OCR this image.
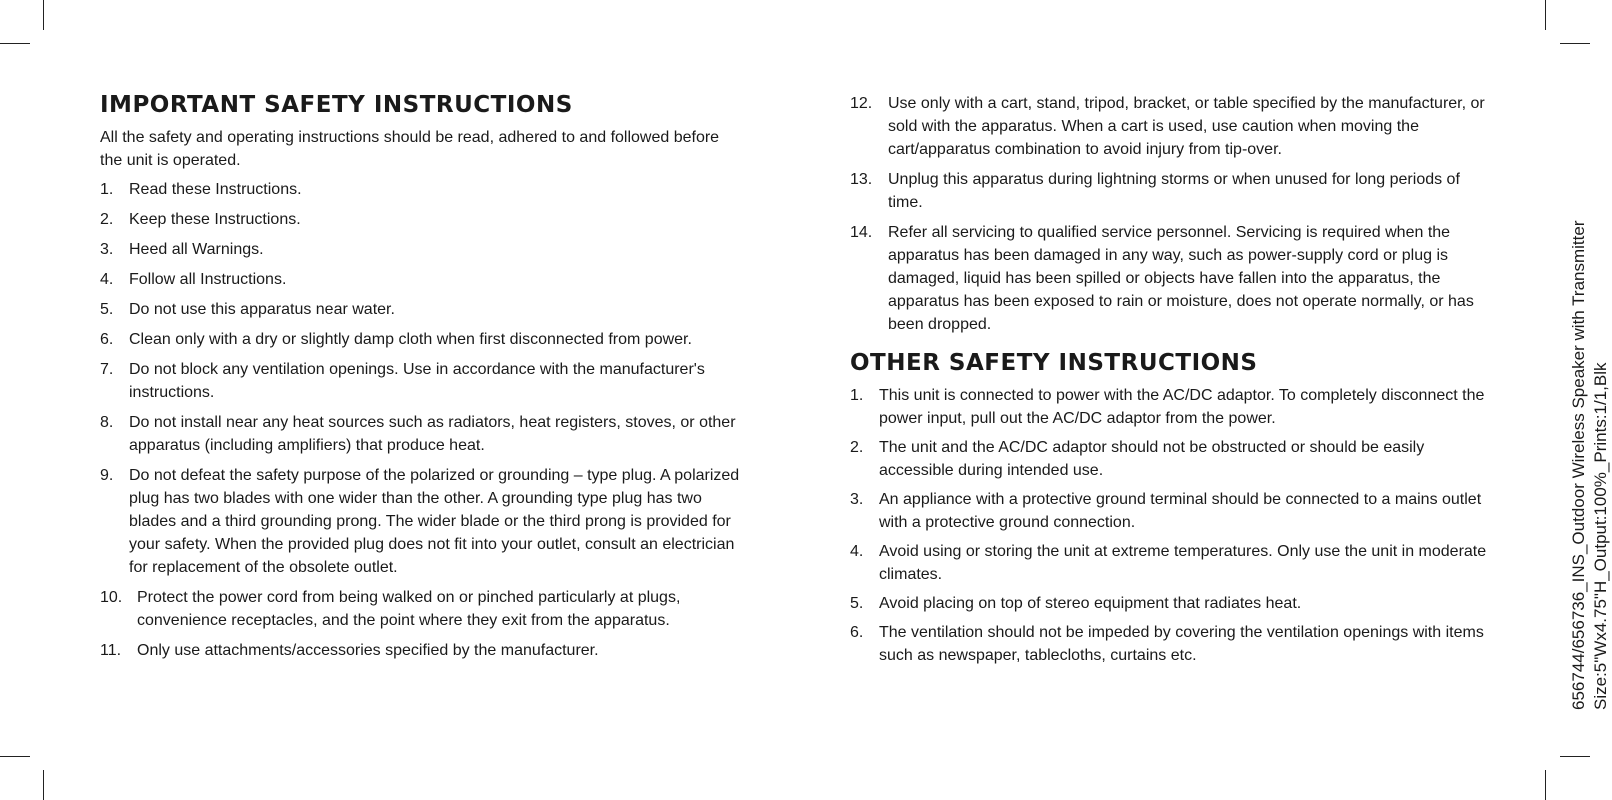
IMPORTANT SAFETY INSTRUCTIONS

All the safety and operating instructions should be read, adhered to and followed before the unit is operated.

1. Read these Instructions.
2. Keep these Instructions.
3. Heed all Warnings.
4. Follow all Instructions.
5. Do not use this apparatus near water.
6. Clean only with a dry or slightly damp cloth when first disconnected from power.
7. Do not block any ventilation openings. Use in accordance with the manufacturer's instructions.
8. Do not install near any heat sources such as radiators, heat registers, stoves, or other apparatus (including amplifiers) that produce heat.
9. Do not defeat the safety purpose of the polarized or grounding – type plug. A polarized plug has two blades with one wider than the other. A grounding type plug has two blades and a third grounding prong. The wider blade or the third prong is provided for your safety. When the provided plug does not fit into your outlet, consult an electrician for replacement of the obsolete outlet.
10. Protect the power cord from being walked on or pinched particularly at plugs, convenience receptacles, and the point where they exit from the apparatus.
11. Only use attachments/accessories specified by the manufacturer.
12. Use only with a cart, stand, tripod, bracket, or table specified by the manufacturer, or sold with the apparatus. When a cart is used, use caution when moving the cart/apparatus combination to avoid injury from tip-over.
13. Unplug this apparatus during lightning storms or when unused for long periods of time.
14. Refer all servicing to qualified service personnel. Servicing is required when the apparatus has been damaged in any way, such as power-supply cord or plug is damaged, liquid has been spilled or objects have fallen into the apparatus, the apparatus has been exposed to rain or moisture, does not operate normally, or has been dropped.
OTHER SAFETY INSTRUCTIONS
1. This unit is connected to power with the AC/DC adaptor. To completely disconnect the power input, pull out the AC/DC adaptor from the power.
2. The unit and the AC/DC adaptor should not be obstructed or should be easily accessible during intended use.
3. An appliance with a protective ground terminal should be connected to a mains outlet with a protective ground connection.
4. Avoid using or storing the unit at extreme temperatures. Only use the unit in moderate climates.
5. Avoid placing on top of stereo equipment that radiates heat.
6. The ventilation should not be impeded by covering the ventilation openings with items such as newspaper, tablecloths, curtains etc.	656744/656736_INS_Outdoor Wireless Speaker with Transmitter Size:5"Wx4.75"H_Output:100%_Prints:1/1,Blk
